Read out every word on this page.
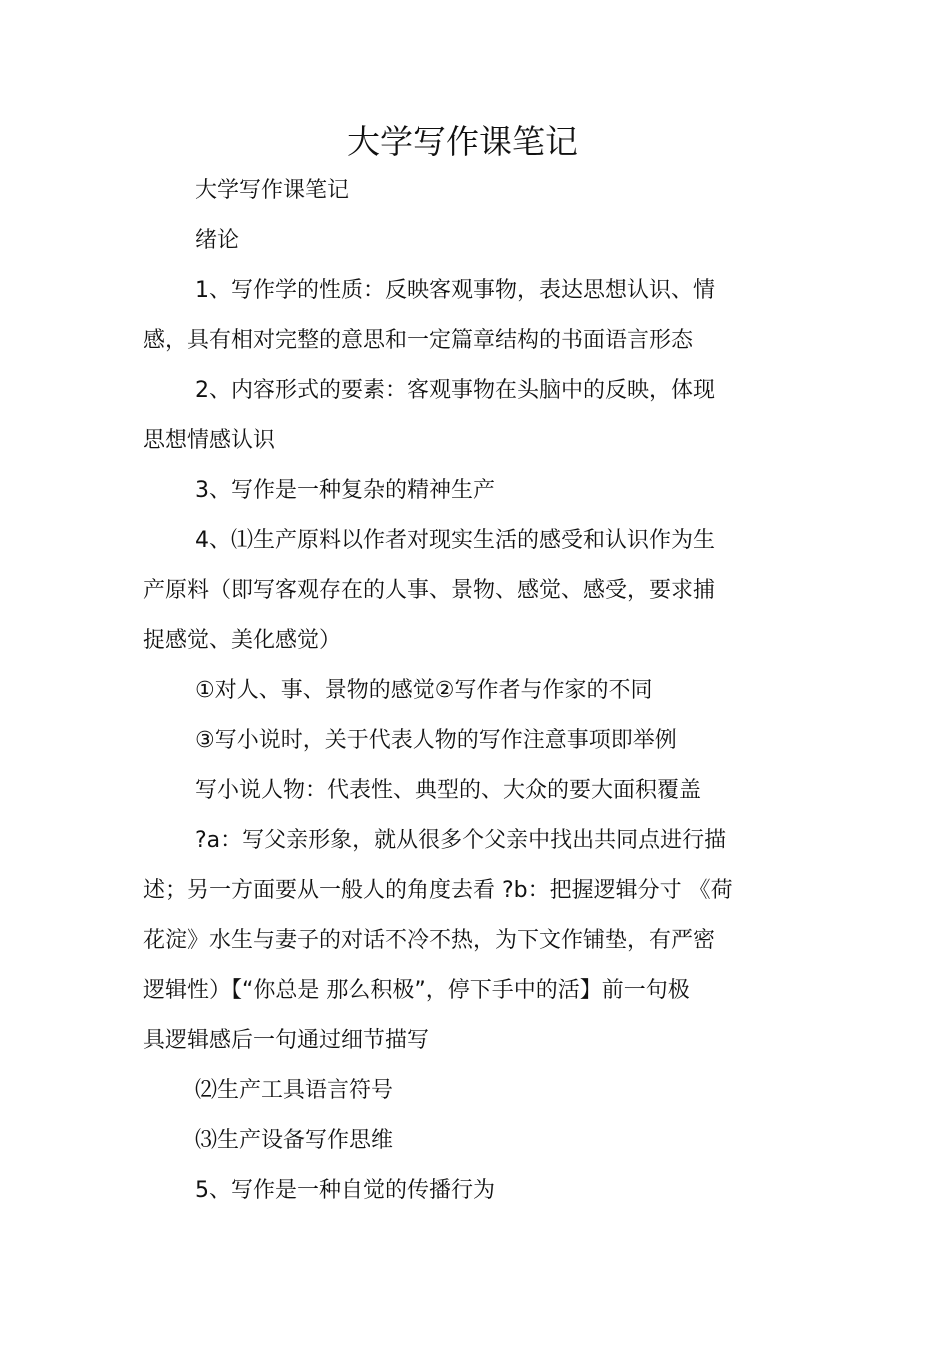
大学写作课笔记
大学写作课笔记
绪论
1、写作学的性质：反映客观事物，表达思想认识、情
感，具有相对完整的意思和一定篇章结构的书面语言形态
2、内容形式的要素：客观事物在头脑中的反映，体现
思想情感认识
3、写作是一种复杂的精神生产
4、⑴生产原料以作者对现实生活的感受和认识作为生
产原料（即写客观存在的人事、景物、感觉、感受，要求捕
捉感觉、美化感觉）
①对人、事、景物的感觉②写作者与作家的不同
③写小说时，关于代表人物的写作注意事项即举例
写小说人物：代表性、典型的、大众的要大面积覆盖
?a：写父亲形象，就从很多个父亲中找出共同点进行描
述；另一方面要从一般人的角度去看 ?b：把握逻辑分寸 《荷
花淀》水生与妻子的对话不冷不热，为下文作铺垫，有严密
逻辑性）【“你总是 那么积极”，停下手中的活】前一句极
具逻辑感后一句通过细节描写
⑵生产工具语言符号
⑶生产设备写作思维
5、写作是一种自觉的传播行为
